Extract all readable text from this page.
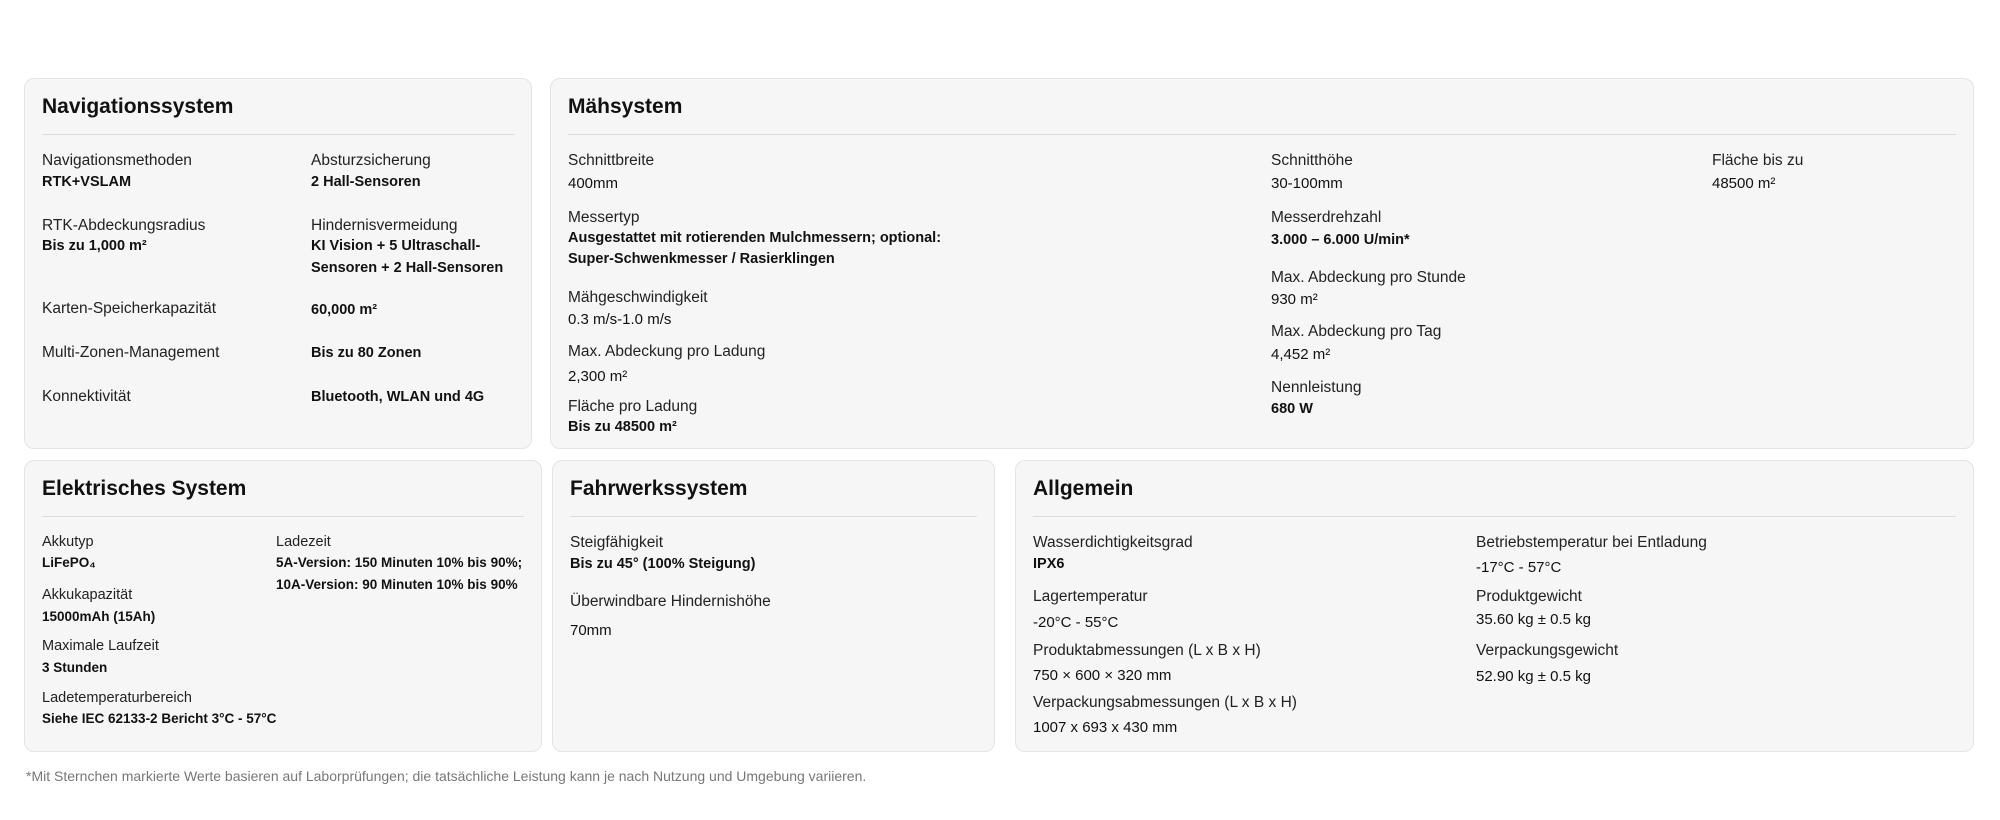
Navigationssystem
Navigationsmethoden
RTK+VSLAM
Absturzsicherung
2 Hall-Sensoren
RTK-Abdeckungsradius
Bis zu 1,000 m²
Hindernisvermeidung
KI Vision + 5 Ultraschall-
Sensoren + 2 Hall-Sensoren
Karten-Speicherkapazität	60,000 m²
Multi-Zonen-Management	Bis zu 80 Zonen
Konnektivität	Bluetooth, WLAN und 4G
Mähsystem
Schnittbreite
400mm
Schnitthöhe
30-100mm
Fläche bis zu
48500 m²
Messertyp
Ausgestattet mit rotierenden Mulchmessern; optional:
Super-Schwenkmesser / Rasierklingen
Messerdrehzahl
3.000 – 6.000 U/min*
Max. Abdeckung pro Stunde
930 m²
Mähgeschwindigkeit
0.3 m/s-1.0 m/s
Max. Abdeckung pro Tag
4,452 m²
Max. Abdeckung pro Ladung
2,300 m²
Nennleistung
680 W
Fläche pro Ladung
Bis zu 48500 m²
Elektrisches System
Akkutyp
LiFePO₄
Ladezeit
5A-Version: 150 Minuten 10% bis 90%;
10A-Version: 90 Minuten 10% bis 90%
Akkukapazität
15000mAh (15Ah)
Maximale Laufzeit
3 Stunden
Ladetemperaturbereich
Siehe IEC 62133-2 Bericht 3°C - 57°C
Fahrwerkssystem
Steigfähigkeit
Bis zu 45° (100% Steigung)
Überwindbare Hindernishöhe
70mm
Allgemein
Wasserdichtigkeitsgrad
IPX6
Betriebstemperatur bei Entladung
-17°C - 57°C
Lagertemperatur
-20°C - 55°C
Produktgewicht
35.60 kg ± 0.5 kg
Produktabmessungen (L x B x H)
750 × 600 × 320 mm
Verpackungsgewicht
52.90 kg ± 0.5 kg
Verpackungsabmessungen (L x B x H)
1007 x 693 x 430 mm
*Mit Sternchen markierte Werte basieren auf Laborprüfungen; die tatsächliche Leistung kann je nach Nutzung und Umgebung variieren.
